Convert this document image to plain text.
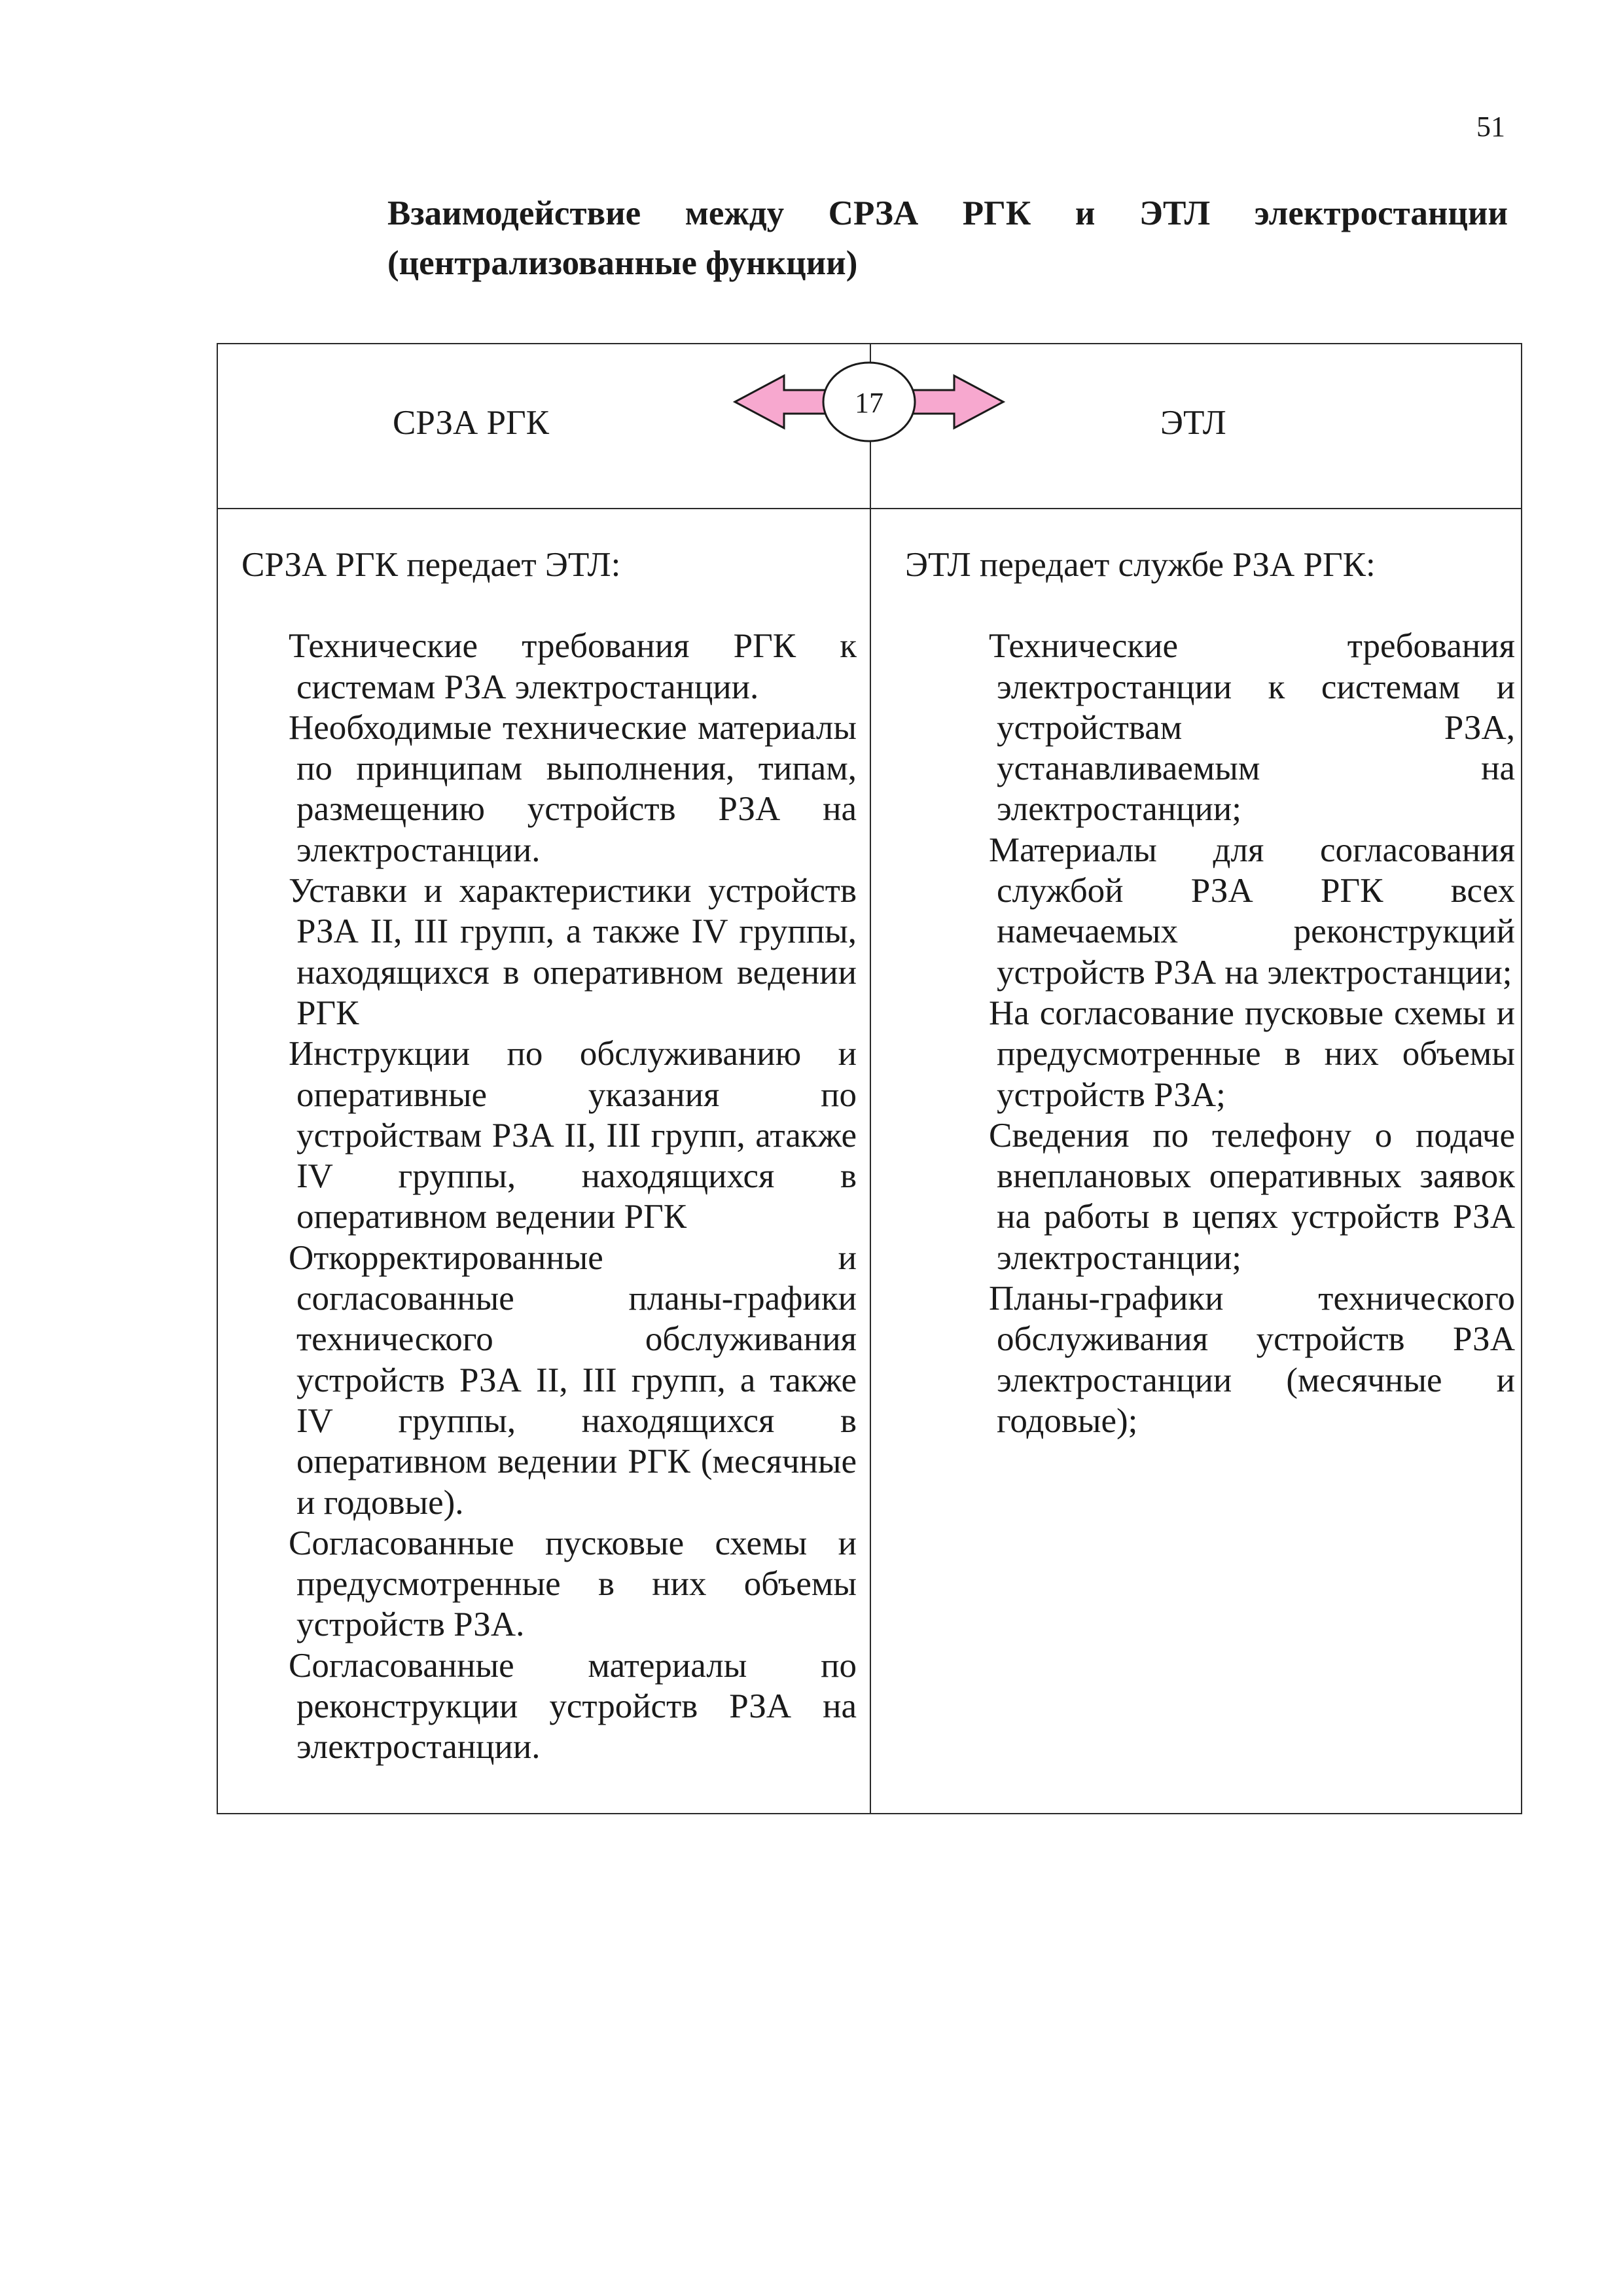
51
Взаимодействие между СРЗА РГК и ЭТЛ электростанции
(централизованные функции)
СРЗА РГК	ЭТЛ
17
СРЗА РГК передает ЭТЛ:
Технические требования РГК к системам РЗА электростанции.
Необходимые технические материалы по принципам выполнения, типам, размещению устройств РЗА на электростанции.
Уставки и характеристики устройств РЗА II, III групп, а также IV группы, находящихся в оперативном ведении РГК
Инструкции по обслуживанию и оперативные указания по устройствам РЗА II, III групп, атакже IV группы, находящихся в оперативном ведении РГК
Откорректированные и согласованные планы-графики технического обслуживания устройств РЗА II, III групп, а также IV группы, находящихся в оперативном ведении РГК (месячные и годовые).
Согласованные пусковые схемы и предусмотренные в них объемы устройств РЗА.
Согласованные материалы по реконструкции устройств РЗА на электростанции.
ЭТЛ передает службе РЗА РГК:
Технические требования электростанции к системам и устройствам РЗА, устанавливаемым на электростанции;
Материалы для согласования службой РЗА РГК всех намечаемых реконструкций устройств РЗА на электростанции;
На согласование пусковые схемы и предусмотренные в них объемы устройств РЗА;
Сведения по телефону о подаче внеплановых оперативных заявок на работы в цепях устройств РЗА электростанции;
Планы-графики технического обслуживания устройств РЗА электростанции (месячные и годовые);
